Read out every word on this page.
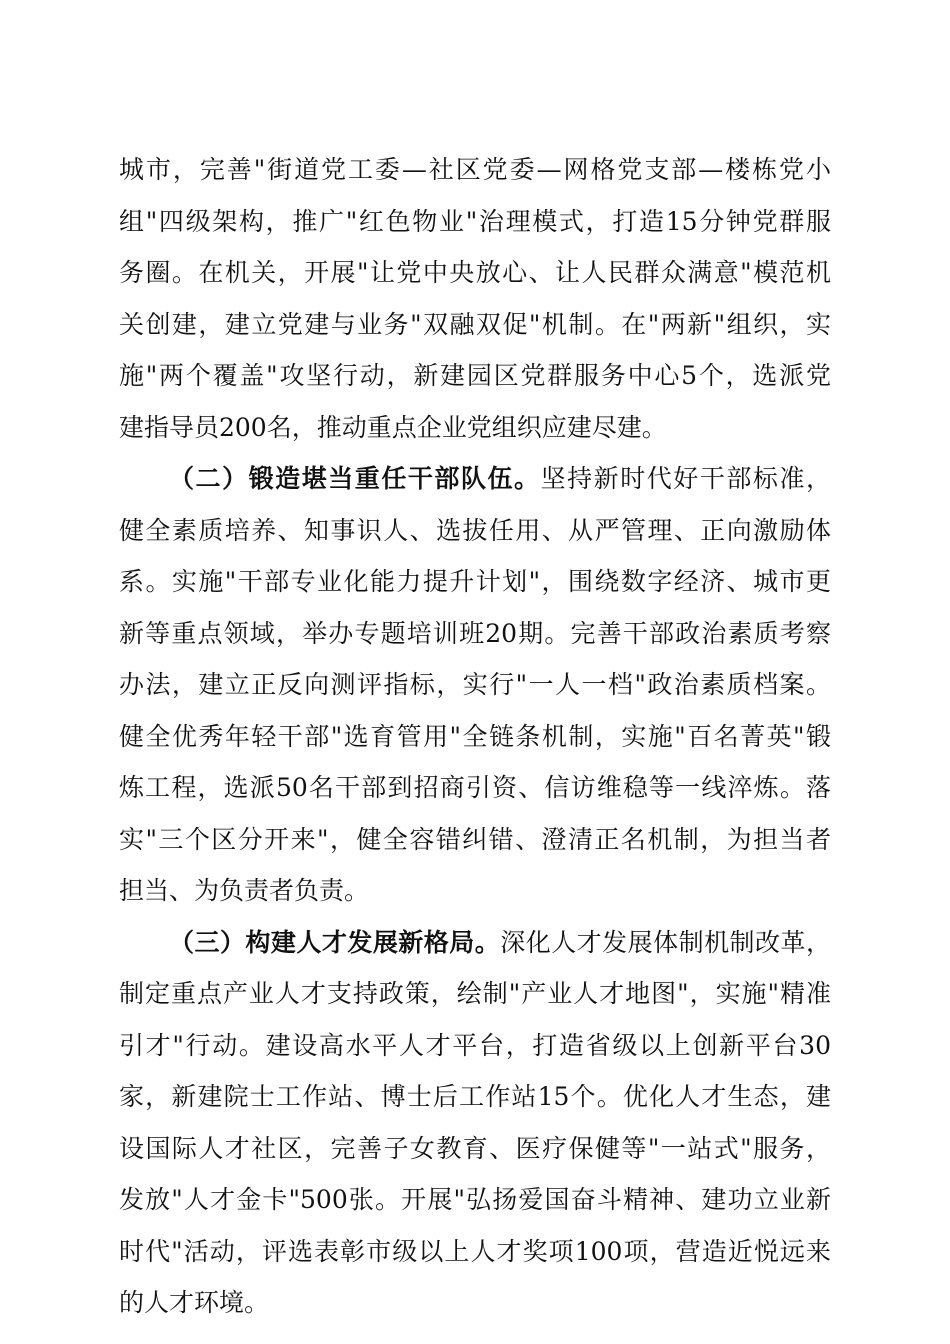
城市，完善"街道党工委—社区党委—网格党支部—楼栋党小
组"四级架构，推广"红色物业"治理模式，打造15分钟党群服
务圈。在机关，开展"让党中央放心、让人民群众满意"模范机
关创建，建立党建与业务"双融双促"机制。在"两新"组织，实
施"两个覆盖"攻坚行动，新建园区党群服务中心5个，选派党
建指导员200名，推动重点企业党组织应建尽建。
（二）锻造堪当重任干部队伍。坚持新时代好干部标准，
健全素质培养、知事识人、选拔任用、从严管理、正向激励体
系。实施"干部专业化能力提升计划"，围绕数字经济、城市更
新等重点领域，举办专题培训班20期。完善干部政治素质考察
办法，建立正反向测评指标，实行"一人一档"政治素质档案。
健全优秀年轻干部"选育管用"全链条机制，实施"百名菁英"锻
炼工程，选派50名干部到招商引资、信访维稳等一线淬炼。落
实"三个区分开来"，健全容错纠错、澄清正名机制，为担当者
担当、为负责者负责。
（三）构建人才发展新格局。深化人才发展体制机制改革，
制定重点产业人才支持政策，绘制"产业人才地图"，实施"精准
引才"行动。建设高水平人才平台，打造省级以上创新平台30
家，新建院士工作站、博士后工作站15个。优化人才生态，建
设国际人才社区，完善子女教育、医疗保健等"一站式"服务，
发放"人才金卡"500张。开展"弘扬爱国奋斗精神、建功立业新
时代"活动，评选表彰市级以上人才奖项100项，营造近悦远来
的人才环境。
